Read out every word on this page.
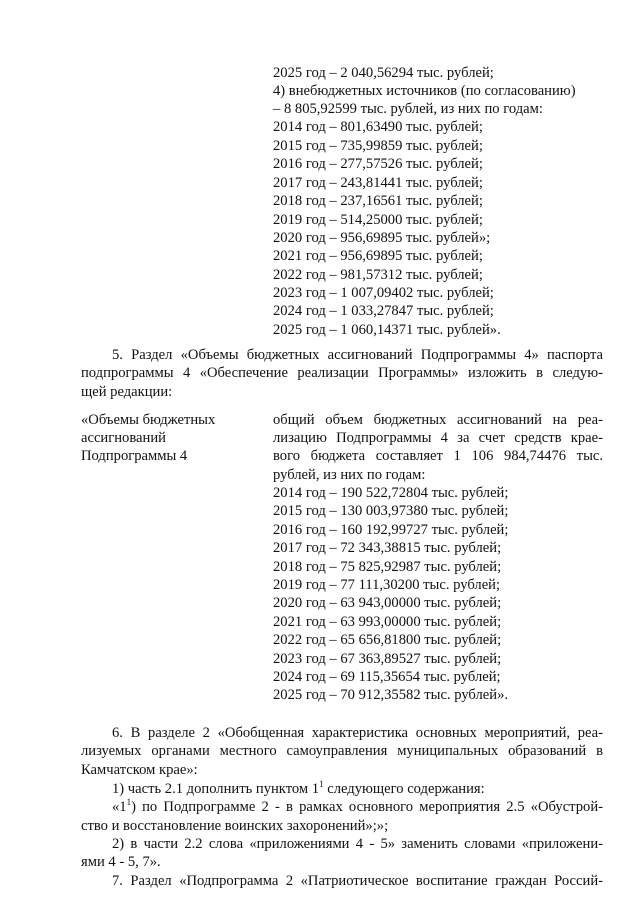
2025 год – 2 040,56294 тыс. рублей;
4) внебюджетных источников (по согласованию)
– 8 805,92599 тыс. рублей, из них по годам:
2014 год – 801,63490 тыс. рублей;
2015 год – 735,99859 тыс. рублей;
2016 год – 277,57526 тыс. рублей;
2017 год – 243,81441 тыс. рублей;
2018 год – 237,16561 тыс. рублей;
2019 год – 514,25000 тыс. рублей;
2020 год – 956,69895 тыс. рублей»;
2021 год – 956,69895 тыс. рублей;
2022 год – 981,57312 тыс. рублей;
2023 год – 1 007,09402 тыс. рублей;
2024 год – 1 033,27847 тыс. рублей;
2025 год – 1 060,14371 тыс. рублей».
5. Раздел «Объемы бюджетных ассигнований Подпрограммы 4» паспорта
подпрограммы 4 «Обеспечение реализации Программы» изложить в следую-
щей редакции:
«Объемы бюджетных
ассигнований
Подпрограммы 4
общий объем бюджетных ассигнований на реа-
лизацию Подпрограммы 4 за счет средств крае-
вого бюджета составляет 1 106 984,74476 тыс.
рублей, из них по годам:
2014 год – 190 522,72804 тыс. рублей;
2015 год – 130 003,97380 тыс. рублей;
2016 год – 160 192,99727 тыс. рублей;
2017 год – 72 343,38815 тыс. рублей;
2018 год – 75 825,92987 тыс. рублей;
2019 год – 77 111,30200 тыс. рублей;
2020 год – 63 943,00000 тыс. рублей;
2021 год – 63 993,00000 тыс. рублей;
2022 год – 65 656,81800 тыс. рублей;
2023 год – 67 363,89527 тыс. рублей;
2024 год – 69 115,35654 тыс. рублей;
2025 год – 70 912,35582 тыс. рублей».
6. В разделе 2 «Обобщенная характеристика основных мероприятий, реа-
лизуемых органами местного самоуправления муниципальных образований в
Камчатском крае»:
1) часть 2.1 дополнить пунктом $1^1$ следующего содержания:
«$1^1$) по Подпрограмме 2 - в рамках основного мероприятия 2.5 «Обустрой-
ство и восстановление воинских захоронений»;»;
2) в части 2.2 слова «приложениями 4 - 5» заменить словами «приложени-
ями 4 - 5, 7».
7. Раздел «Подпрограмма 2 «Патриотическое воспитание граждан Россий-
